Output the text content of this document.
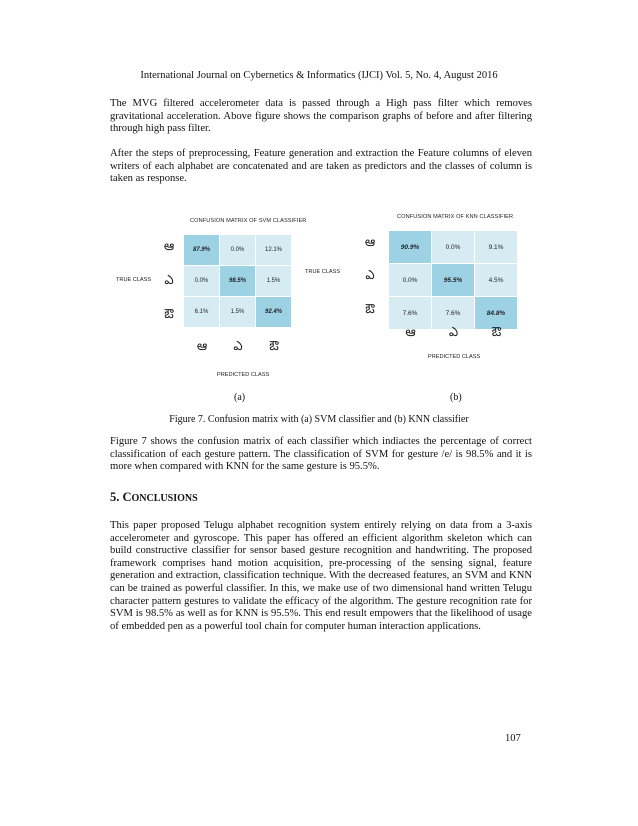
International Journal on Cybernetics & Informatics (IJCI) Vol. 5, No. 4, August 2016
The MVG filtered accelerometer data is passed through a High pass filter which removes gravitational acceleration. Above figure shows the comparison graphs of before and after filtering through high pass filter.
After the steps of preprocessing, Feature generation and extraction the Feature columns of eleven writers of each alphabet are concatenated and are taken as predictors and the classes of column is taken as response.
CONFUSION MATRIX OF SVM CLASSIFIER
TRUE CLASS
ఆ
ఎ
ఔ
87.9%	0.0%	12.1%
0.0%	98.5%	1.5%
6.1%	1.5%	92.4%
ఆ	ఎ	ఔ
PREDICTED CLASS
CONFUSION MATRIX OF KNN CLASSIFIER
TRUE CLASS
ఆ
ఎ
ఔ
90.9%	0.0%	9.1%
0.0%	95.5%	4.5%
7.6%	7.6%	84.8%
ఆ	ఎ	ఔ
PREDICTED CLASS
(a)	(b)
Figure 7. Confusion matrix with (a) SVM classifier and (b) KNN classifier
Figure 7 shows the confusion matrix of each classifier which indiactes the percentage of correct classification of each gesture pattern. The classification of SVM for gesture /e/ is 98.5% and it is more when compared with KNN for the same gesture is 95.5%.
5. CONCLUSIONS
This paper proposed Telugu alphabet recognition system entirely relying on data from a 3-axis accelerometer and gyroscope. This paper has offered an efficient algorithm skeleton which can build constructive classifier for sensor based gesture recognition and handwriting. The proposed framework comprises hand motion acquisition, pre-processing of the sensing signal, feature generation and extraction, classification technique. With the decreased features, an SVM and KNN can be trained as powerful classifier. In this, we make use of two dimensional hand written Telugu character pattern gestures to validate the efficacy of the algorithm. The gesture recognition rate for SVM is 98.5% as well as for KNN is 95.5%. This end result empowers that the likelihood of usage of embedded pen as a powerful tool chain for computer human interaction applications.
107
